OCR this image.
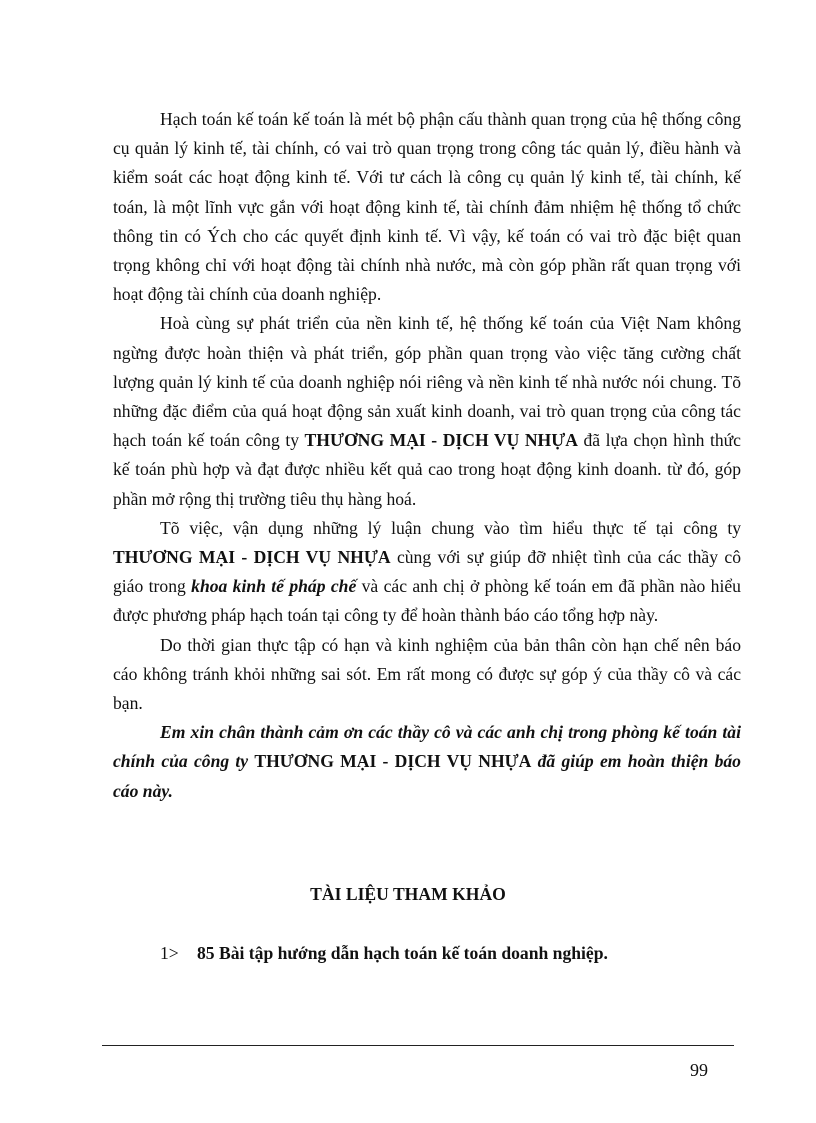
Hạch toán kế toán kế toán là mét bộ phận cấu thành quan trọng của hệ thống công cụ quản lý kinh tế, tài chính, có vai trò quan trọng trong công tác quản lý, điều hành và kiểm soát các hoạt động kinh tế. Với tư cách là công cụ quản lý kinh tế, tài chính, kế toán, là một lĩnh vực gắn với hoạt động kinh tế, tài chính đảm nhiệm hệ thống tổ chức thông tin có Ých cho các quyết định kinh tế. Vì vậy, kế toán có vai trò đặc biệt quan trọng không chỉ với hoạt động tài chính nhà nước, mà còn góp phần rất quan trọng với hoạt động tài chính của doanh nghiệp.

Hoà cùng sự phát triển của nền kinh tế, hệ thống kế toán của Việt Nam không ngừng được hoàn thiện và phát triển, góp phần quan trọng vào việc tăng cường chất lượng quản lý kinh tế của doanh nghiệp nói riêng và nền kinh tế nhà nước nói chung. Tõ những đặc điểm của quá hoạt động sản xuất kinh doanh, vai trò quan trọng của công tác hạch toán kế toán công ty THƯƠNG MẠI - DỊCH VỤ NHỰA đã lựa chọn hình thức kế toán phù hợp và đạt được nhiều kết quả cao trong hoạt động kinh doanh. từ đó, góp phần mở rộng thị trường tiêu thụ hàng hoá.

Tõ việc, vận dụng những lý luận chung vào tìm hiểu thực tế tại công ty THƯƠNG MẠI - DỊCH VỤ NHỰA cùng với sự giúp đỡ nhiệt tình của các thầy cô giáo trong khoa kinh tế pháp chế và các anh chị ở phòng kế toán em đã phần nào hiểu được phương pháp hạch toán tại công ty để hoàn thành báo cáo tổng hợp này.

Do thời gian thực tập có hạn và kinh nghiệm của bản thân còn hạn chế nên báo cáo không tránh khỏi những sai sót. Em rất mong có được sự góp ý của thầy cô và các bạn.

Em xin chân thành cảm ơn các thầy cô và các anh chị trong phòng kế toán tài chính của công ty THƯƠNG MẠI - DỊCH VỤ NHỰA đã giúp em hoàn thiện báo cáo này.

TÀI LIỆU THAM KHẢO
1> 85 Bài tập hướng dẫn hạch toán kế toán doanh nghiệp.
99
